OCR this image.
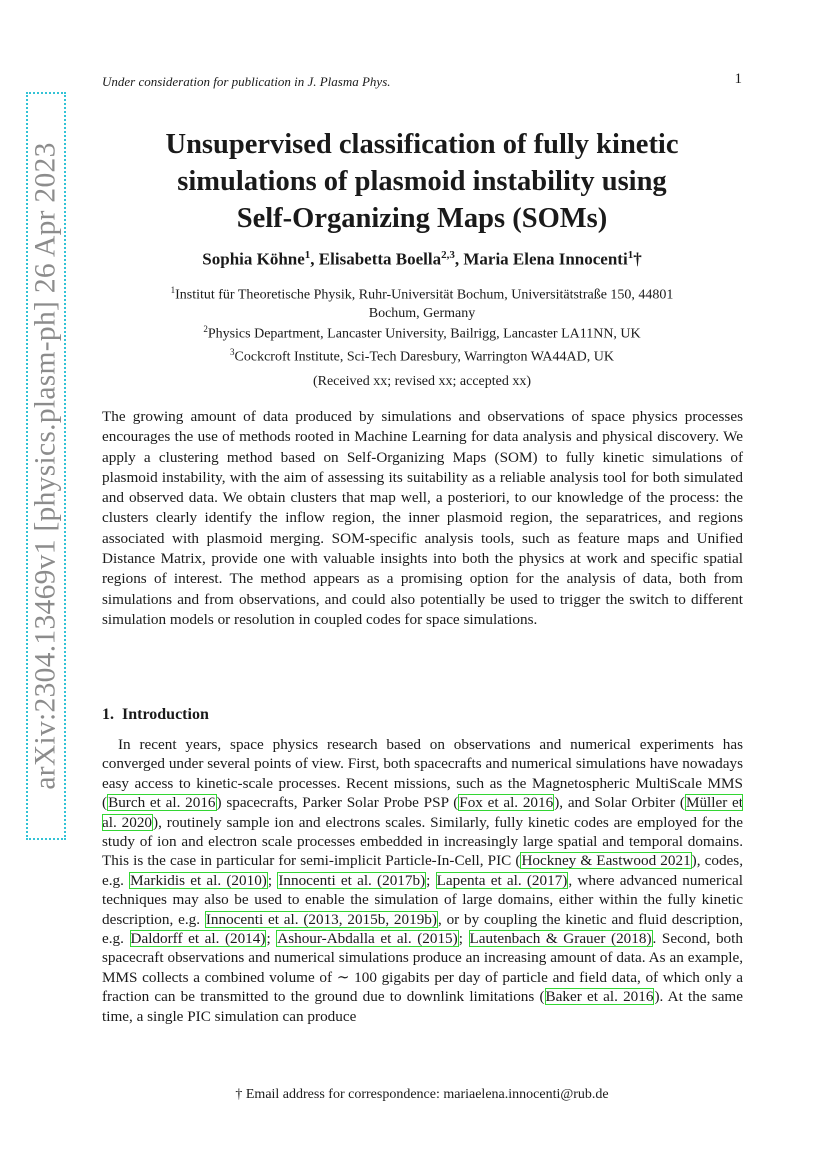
arXiv:2304.13469v1 [physics.plasm-ph] 26 Apr 2023
Under consideration for publication in J. Plasma Phys.	1
Unsupervised classification of fully kinetic
simulations of plasmoid instability using
Self-Organizing Maps (SOMs)
Sophia Köhne$^1$, Elisabetta Boella$^{2,3}$, Maria Elena Innocenti$^1$†
$^1$Institut für Theoretische Physik, Ruhr-Universität Bochum, Universitätstraße 150, 44801
Bochum, Germany
$^2$Physics Department, Lancaster University, Bailrigg, Lancaster LA11NN, UK
$^3$Cockcroft Institute, Sci-Tech Daresbury, Warrington WA44AD, UK
(Received xx; revised xx; accepted xx)

The growing amount of data produced by simulations and observations of space physics processes encourages the use of methods rooted in Machine Learning for data analysis and physical discovery. We apply a clustering method based on Self-Organizing Maps (SOM) to fully kinetic simulations of plasmoid instability, with the aim of assessing its suitability as a reliable analysis tool for both simulated and observed data. We obtain clusters that map well, a posteriori, to our knowledge of the process: the clusters clearly identify the inflow region, the inner plasmoid region, the separatrices, and regions associated with plasmoid merging. SOM-specific analysis tools, such as feature maps and Unified Distance Matrix, provide one with valuable insights into both the physics at work and specific spatial regions of interest. The method appears as a promising option for the analysis of data, both from simulations and from observations, and could also potentially be used to trigger the switch to different simulation models or resolution in coupled codes for space simulations.

1. Introduction

In recent years, space physics research based on observations and numerical experiments has converged under several points of view. First, both spacecrafts and numerical simulations have nowadays easy access to kinetic-scale processes. Recent missions, such as the Magnetospheric MultiScale MMS (Burch et al. 2016) spacecrafts, Parker Solar Probe PSP (Fox et al. 2016), and Solar Orbiter (Müller et al. 2020), routinely sample ion and electrons scales. Similarly, fully kinetic codes are employed for the study of ion and electron scale processes embedded in increasingly large spatial and temporal domains. This is the case in particular for semi-implicit Particle-In-Cell, PIC (Hockney & Eastwood 2021), codes, e.g. Markidis et al. (2010); Innocenti et al. (2017b); Lapenta et al. (2017), where advanced numerical techniques may also be used to enable the simulation of large domains, either within the fully kinetic description, e.g. Innocenti et al. (2013, 2015b, 2019b), or by coupling the kinetic and fluid description, e.g. Daldorff et al. (2014); Ashour-Abdalla et al. (2015); Lautenbach & Grauer (2018). Second, both spacecraft observations and numerical simulations produce an increasing amount of data. As an example, MMS collects a combined volume of ∼ 100 gigabits per day of particle and field data, of which only a fraction can be transmitted to the ground due to downlink limitations (Baker et al. 2016). At the same time, a single PIC simulation can produce

† Email address for correspondence: mariaelena.innocenti@rub.de
